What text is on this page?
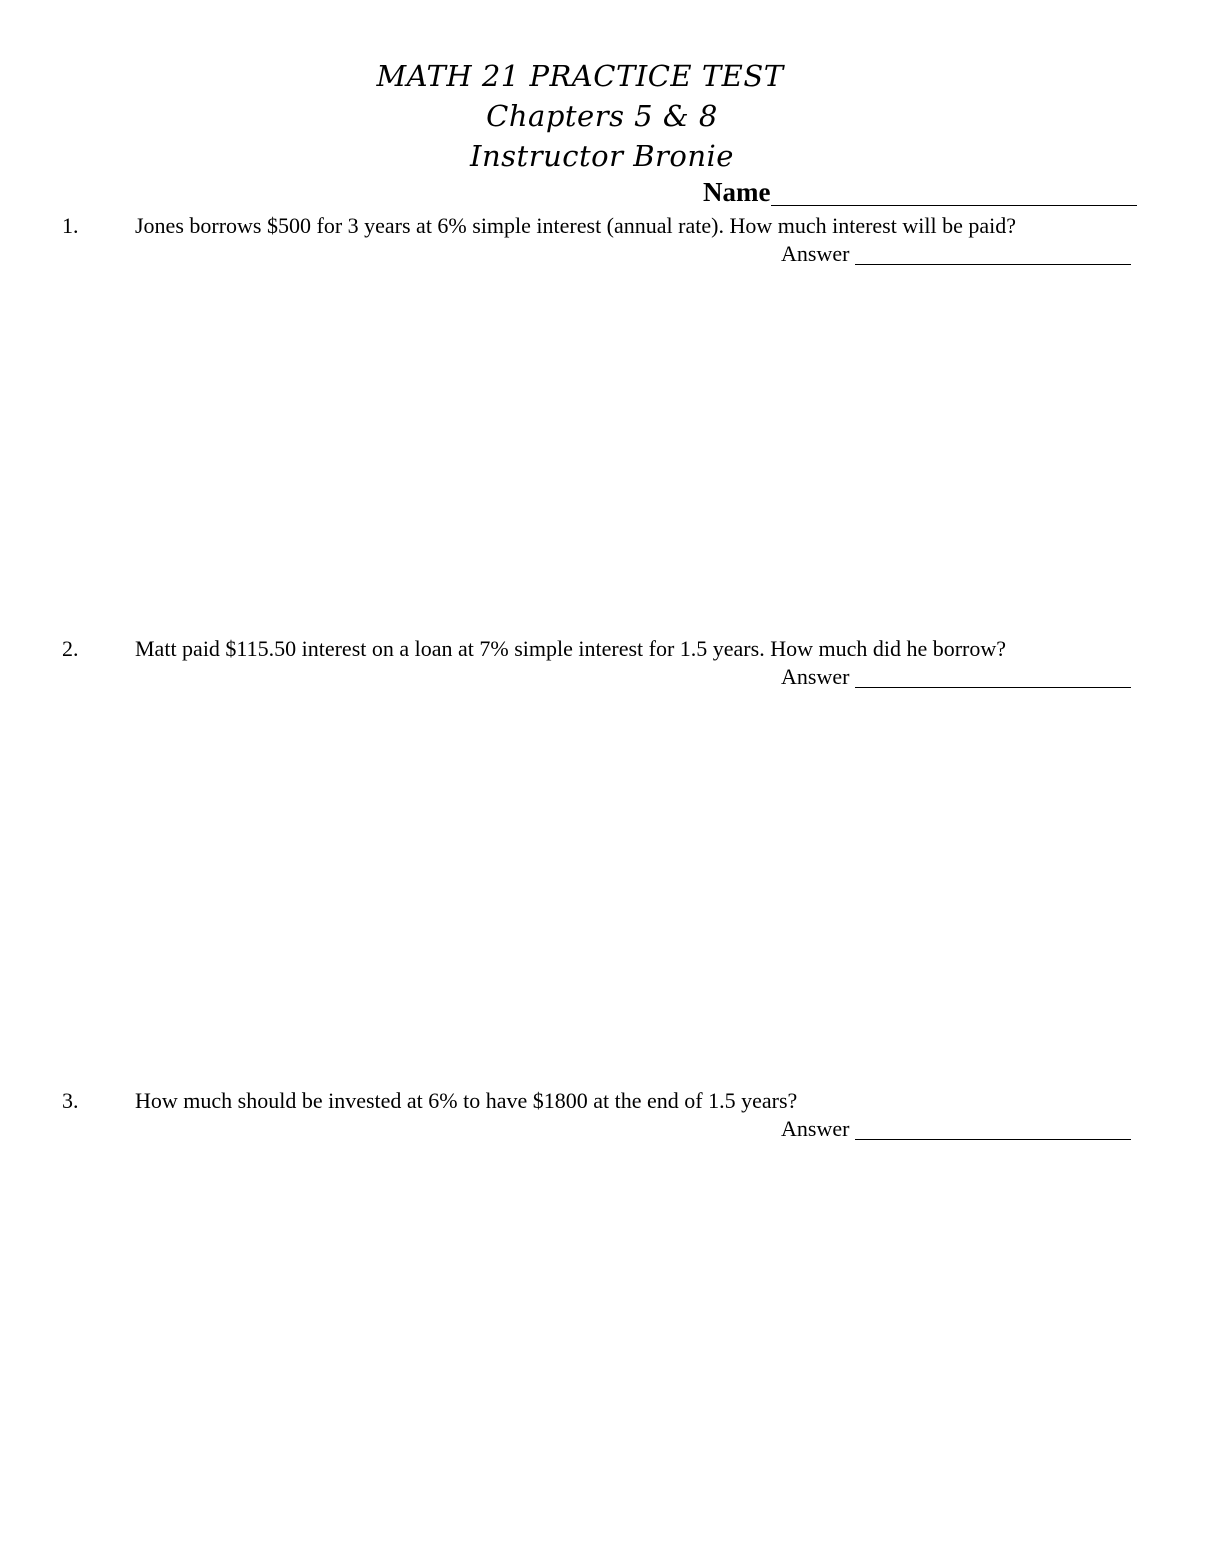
MATH 21 PRACTICE TEST
Chapters 5 & 8
Instructor Bronie
Name
1.	Jones borrows $500 for 3 years at 6% simple interest (annual rate). How much interest will be paid?
Answer
2.	Matt paid $115.50 interest on a loan at 7% simple interest for 1.5 years. How much did he borrow?
Answer
3.	How much should be invested at 6% to have $1800 at the end of 1.5 years?
Answer
